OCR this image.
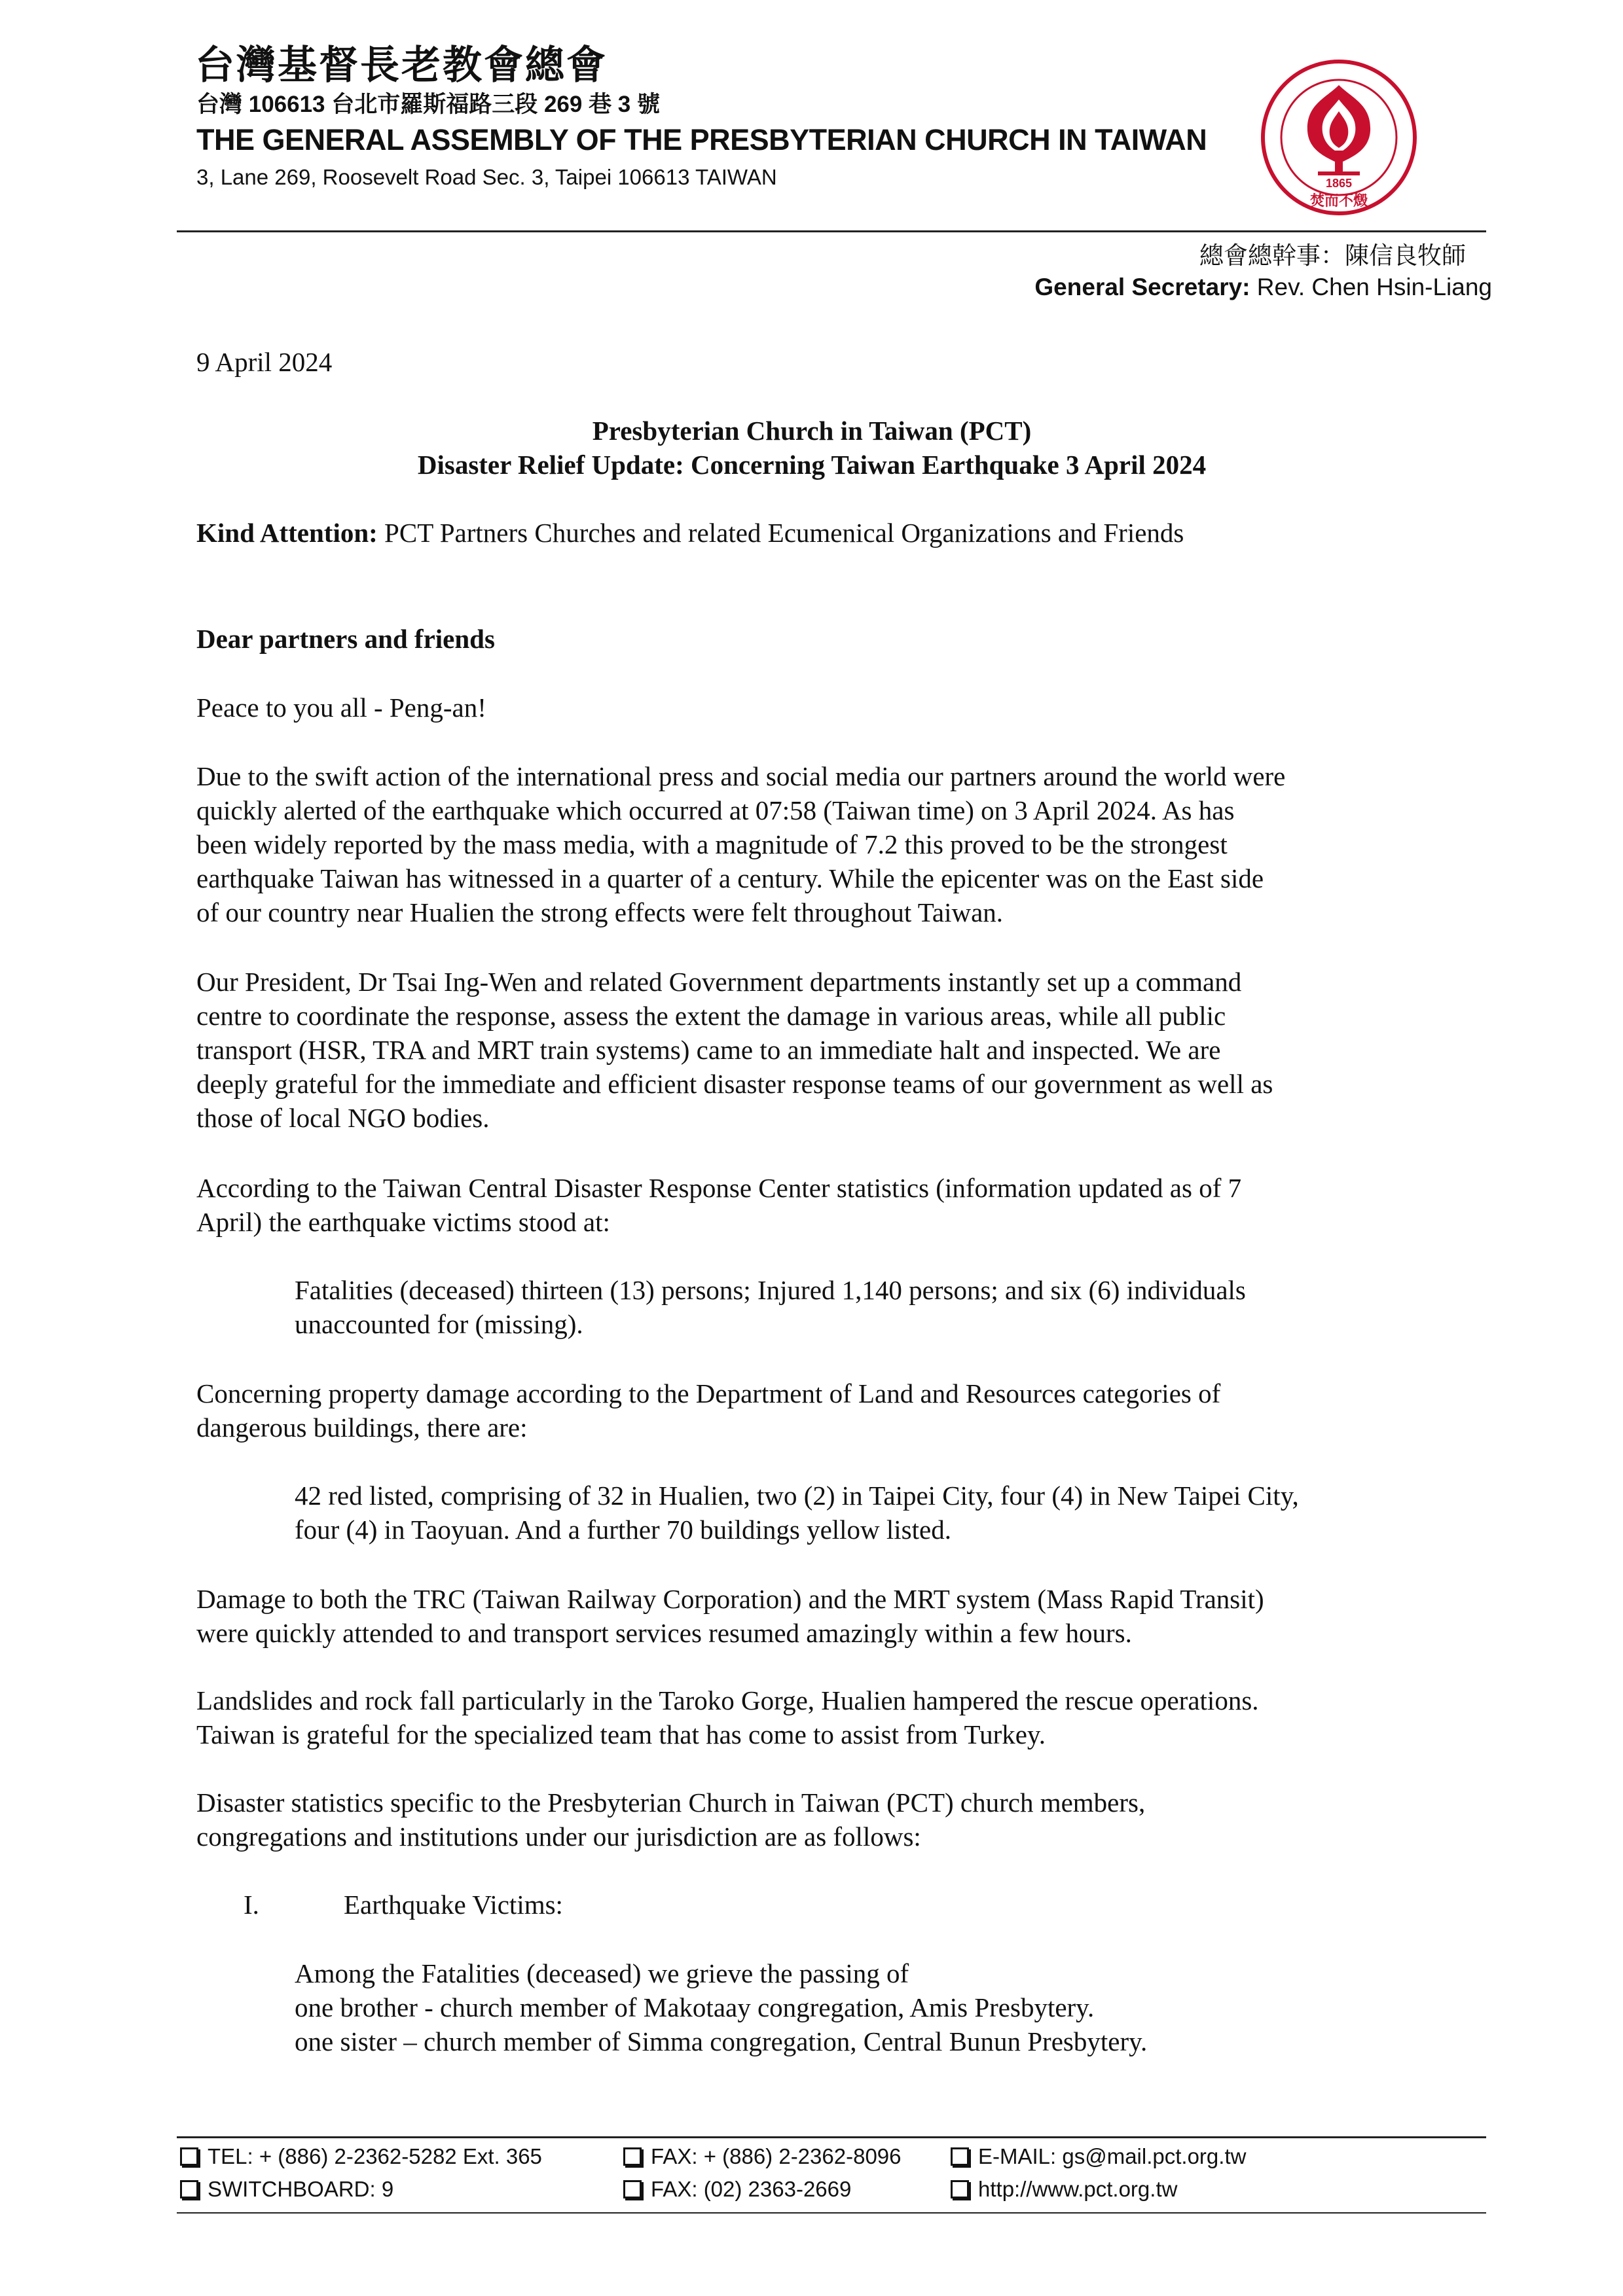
台灣基督長老教會總會
台灣 106613 台北市羅斯福路三段 269 巷 3 號
THE GENERAL ASSEMBLY OF THE PRESBYTERIAN CHURCH IN TAIWAN
3, Lane 269, Roosevelt Road Sec. 3, Taipei 106613 TAIWAN	1865
焚而不燬
總會總幹事：陳信良牧師
General Secretary: Rev. Chen Hsin-Liang
9 April 2024
Presbyterian Church in Taiwan (PCT)
Disaster Relief Update: Concerning Taiwan Earthquake 3 April 2024
Kind Attention: PCT Partners Churches and related Ecumenical Organizations and Friends
Dear partners and friends
Peace to you all - Peng-an!
Due to the swift action of the international press and social media our partners around the world were
quickly alerted of the earthquake which occurred at 07:58 (Taiwan time) on 3 April 2024. As has
been widely reported by the mass media, with a magnitude of 7.2 this proved to be the strongest
earthquake Taiwan has witnessed in a quarter of a century. While the epicenter was on the East side
of our country near Hualien the strong effects were felt throughout Taiwan.
Our President, Dr Tsai Ing-Wen and related Government departments instantly set up a command
centre to coordinate the response, assess the extent the damage in various areas, while all public
transport (HSR, TRA and MRT train systems) came to an immediate halt and inspected. We are
deeply grateful for the immediate and efficient disaster response teams of our government as well as
those of local NGO bodies.
According to the Taiwan Central Disaster Response Center statistics (information updated as of 7
April) the earthquake victims stood at:
Fatalities (deceased) thirteen (13) persons; Injured 1,140 persons; and six (6) individuals
unaccounted for (missing).
Concerning property damage according to the Department of Land and Resources categories of
dangerous buildings, there are:
42 red listed, comprising of 32 in Hualien, two (2) in Taipei City, four (4) in New Taipei City,
four (4) in Taoyuan. And a further 70 buildings yellow listed.
Damage to both the TRC (Taiwan Railway Corporation) and the MRT system (Mass Rapid Transit)
were quickly attended to and transport services resumed amazingly within a few hours.
Landslides and rock fall particularly in the Taroko Gorge, Hualien hampered the rescue operations.
Taiwan is grateful for the specialized team that has come to assist from Turkey.
Disaster statistics specific to the Presbyterian Church in Taiwan (PCT) church members,
congregations and institutions under our jurisdiction are as follows:
I.	Earthquake Victims:
Among the Fatalities (deceased) we grieve the passing of
one brother - church member of Makotaay congregation, Amis Presbytery.
one sister – church member of Simma congregation, Central Bunun Presbytery.
TEL: + (886) 2-2362-5282 Ext. 365
SWITCHBOARD: 9
FAX: + (886) 2-2362-8096
FAX: (02) 2363-2669
E-MAIL: gs@mail.pct.org.tw
http://www.pct.org.tw
